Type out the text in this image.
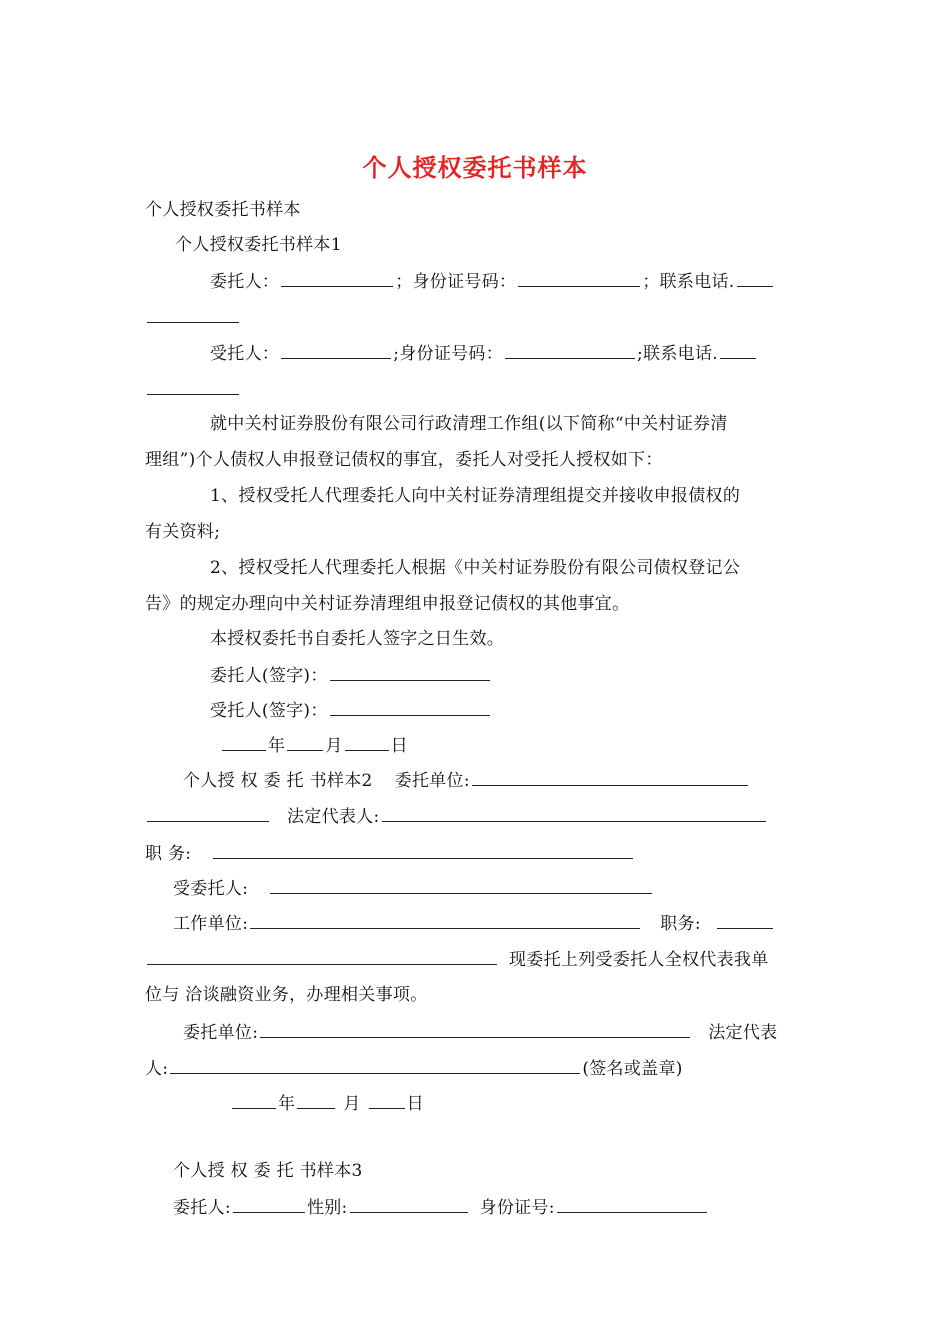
个人授权委托书样本
个人授权委托书样本
个人授权委托书样本1
委托人：	；身份证号码：	；联系电话.
受托人：	;身份证号码：	;联系电话.
就中关村证券股份有限公司行政清理工作组(以下简称“中关村证券清
理组”)个人债权人申报登记债权的事宜，委托人对受托人授权如下：
1、授权受托人代理委托人向中关村证券清理组提交并接收申报债权的
有关资料;
2、授权受托人代理委托人根据《中关村证券股份有限公司债权登记公
告》的规定办理向中关村证券清理组申报登记债权的其他事宜。
本授权委托书自委托人签字之日生效。
委托人(签字)：
受托人(签字)：
年 月	日
个人授 权 委 托 书样本2 委托单位:
法定代表人:
职 务:
受委托人:
工作单位:	职务:
现委托上列受委托人全权代表我单
位与 洽谈融资业务，办理相关事项。
委托单位:	法定代表
人:	(签名或盖章)
年	月	日
个人授 权 委 托 书样本3
委托人:	性别:	身份证号:
